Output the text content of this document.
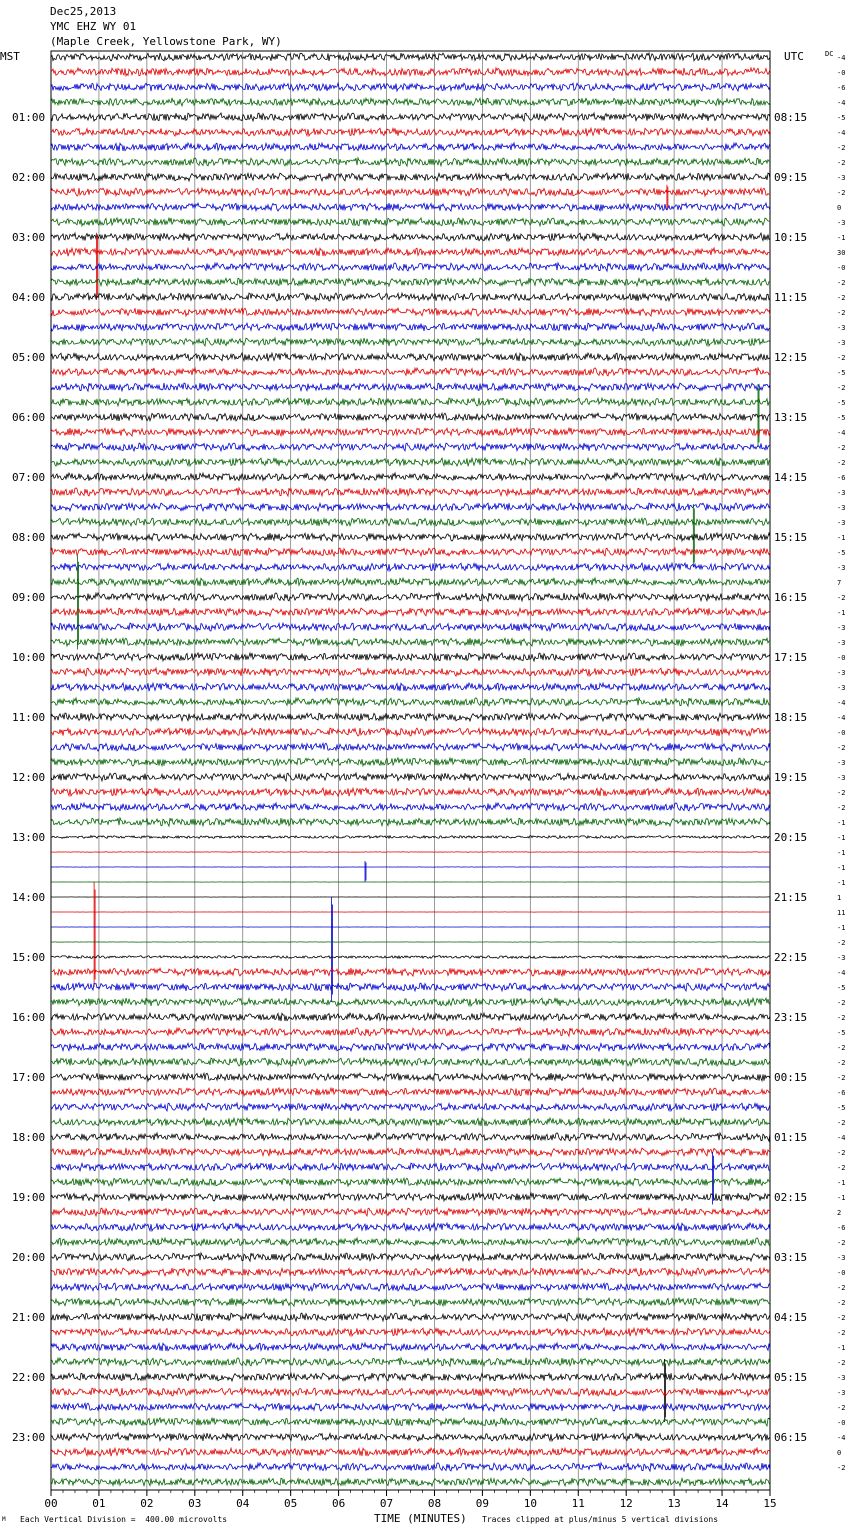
Dec25,2013
YMC EHZ WY 01
(Maple Creek, Yellowstone Park, WY)
MST	UTC	DC
TIME (MINUTES)
01:00
02:00
03:00
04:00
05:00
06:00
07:00
08:00
09:00
10:00
11:00
12:00
13:00
14:00
15:00
16:00
17:00
18:00
19:00
20:00
21:00
22:00
23:00
08:15
09:15
10:15
11:15
12:15
13:15
14:15
15:15
16:15
17:15
18:15
19:15
20:15
21:15
22:15
23:15
00:15
01:15
02:15
03:15
04:15
05:15
06:15
-4
-0
-6
-4
-5
-4
-2
-2
-3
-2
0
-3
-1
30
-0
-2
-2
-2
-3
-3
-2
-5
-2
-5
-5
-4
-2
-2
-6
-3
-3
-3
-1
-5
-3
7
-2
-1
-3
-3
-0
-3
-3
-4
-4
-0
-2
-3
-3
-2
-2
-1
-1
-1
-1
-1
1
11
-1
-2
-3
-4
-5
-2
-2
-5
-2
-2
-2
-6
-5
-2
-4
-2
-2
-1
-1
2
-6
-2
-3
-0
-2
-2
-2
-2
-1
-2
-3
-3
-2
-0
-4
0
-2
00	01	02	03	04	05	06	07	08	09	10	11	12	13	14	15
M Each Vertical Division =  400.00 microvolts	Traces clipped at plus/minus 5 vertical divisions
